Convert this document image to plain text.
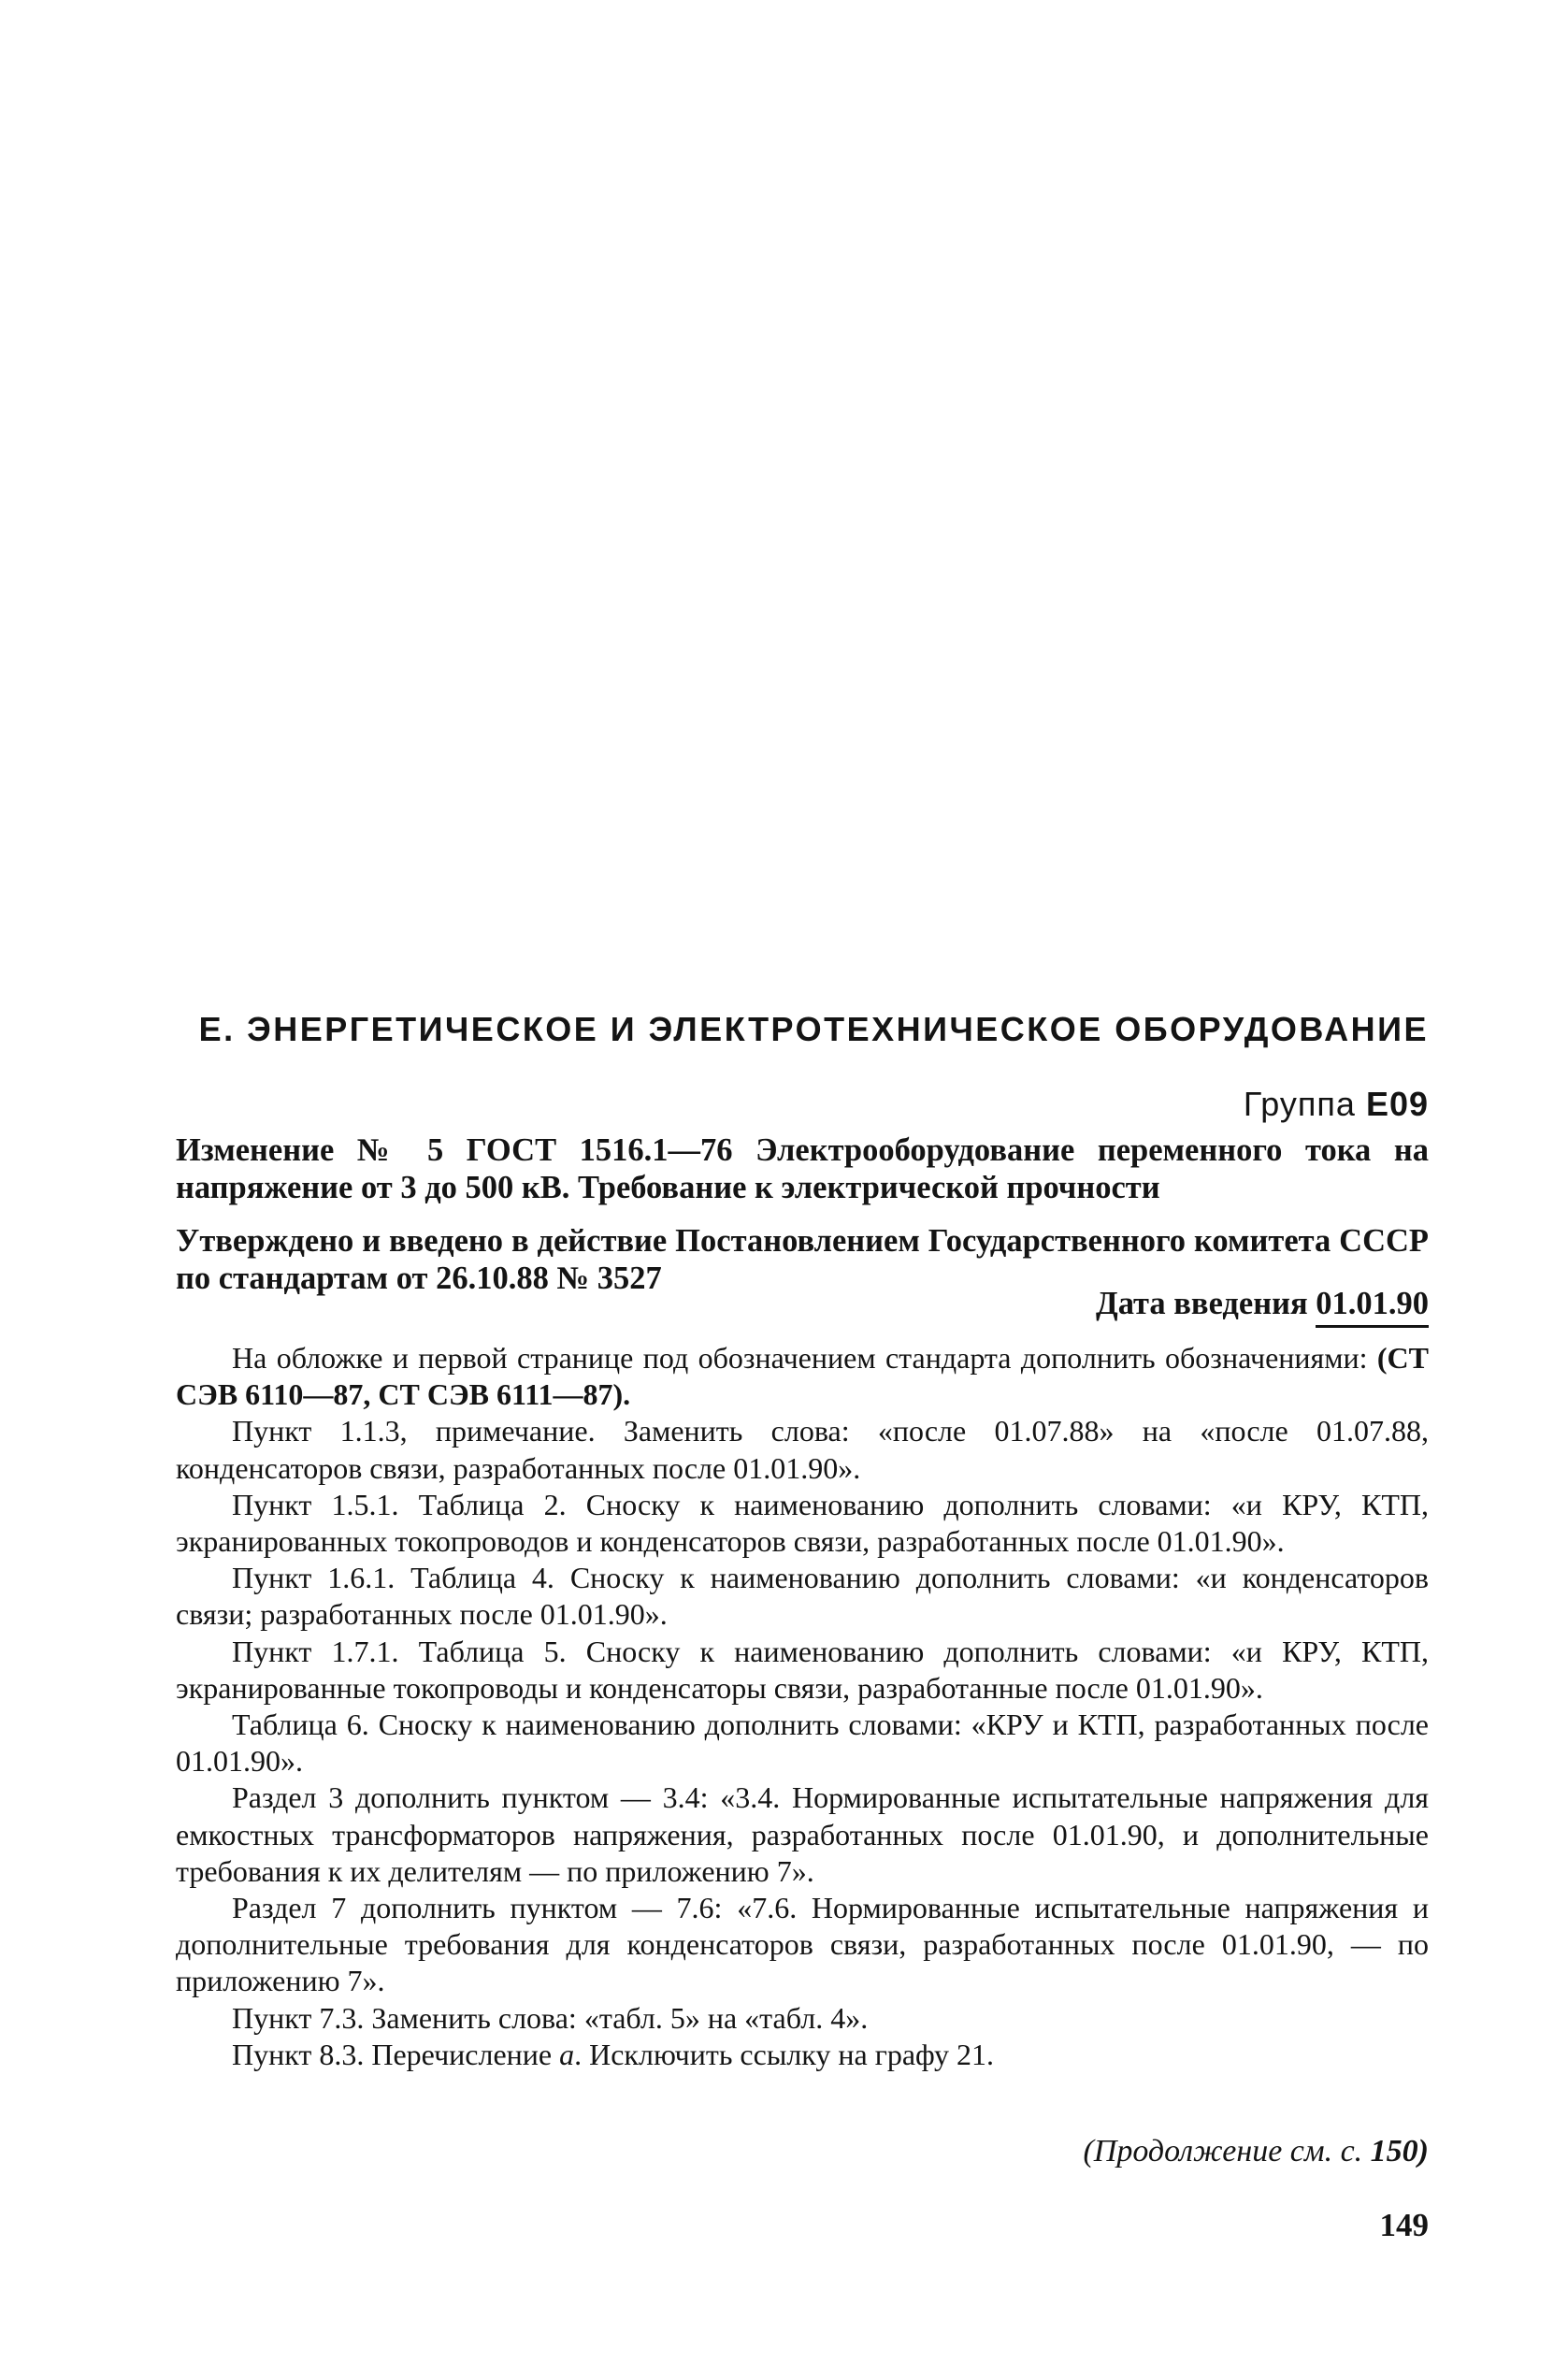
Е. ЭНЕРГЕТИЧЕСКОЕ И ЭЛЕКТРОТЕХНИЧЕСКОЕ ОБОРУДОВАНИЕ
Группа Е09
Изменение № 5 ГОСТ 1516.1—76 Электрооборудование переменного тока на напряжение от 3 до 500 кВ. Требование к электрической прочности
Утверждено и введено в действие Постановлением Государственного комитета СССР по стандартам от 26.10.88 № 3527
Дата введения 01.01.90

На обложке и первой странице под обозначением стандарта дополнить обозначениями: (СТ СЭВ 6110—87, СТ СЭВ 6111—87).

Пункт 1.1.3, примечание. Заменить слова: «после 01.07.88» на «после 01.07.88, конденсаторов связи, разработанных после 01.01.90».

Пункт 1.5.1. Таблица 2. Сноску к наименованию дополнить словами: «и КРУ, КТП, экранированных токопроводов и конденсаторов связи, разработанных после 01.01.90».

Пункт 1.6.1. Таблица 4. Сноску к наименованию дополнить словами: «и конденсаторов связи; разработанных после 01.01.90».

Пункт 1.7.1. Таблица 5. Сноску к наименованию дополнить словами: «и КРУ, КТП, экранированные токопроводы и конденсаторы связи, разработанные после 01.01.90».

Таблица 6. Сноску к наименованию дополнить словами: «КРУ и КТП, разработанных после 01.01.90».

Раздел 3 дополнить пунктом — 3.4: «3.4. Нормированные испытательные напряжения для емкостных трансформаторов напряжения, разработанных после 01.01.90, и дополнительные требования к их делителям — по приложению 7».

Раздел 7 дополнить пунктом — 7.6: «7.6. Нормированные испытательные напряжения и дополнительные требования для конденсаторов связи, разработанных после 01.01.90, — по приложению 7».

Пункт 7.3. Заменить слова: «табл. 5» на «табл. 4».

Пункт 8.3. Перечисление а. Исключить ссылку на графу 21.

(Продолжение см. с. 150)
149
